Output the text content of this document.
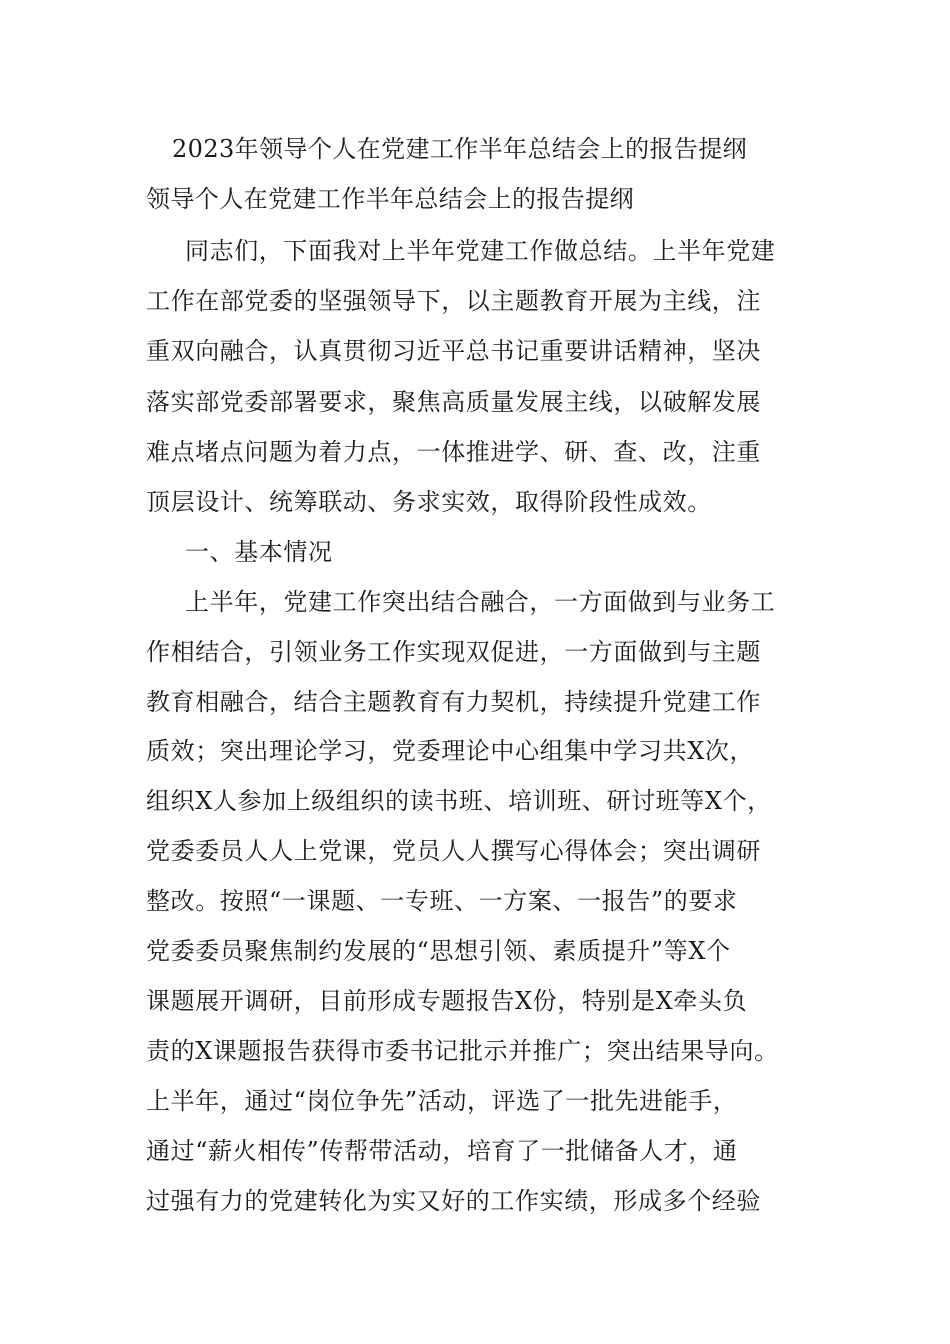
2023年领导个人在党建工作半年总结会上的报告提纲

领导个人在党建工作半年总结会上的报告提纲

同志们，下面我对上半年党建工作做总结。上半年党建

工作在部党委的坚强领导下，以主题教育开展为主线，注

重双向融合，认真贯彻习近平总书记重要讲话精神，坚决

落实部党委部署要求，聚焦高质量发展主线，以破解发展

难点堵点问题为着力点，一体推进学、研、查、改，注重

顶层设计、统筹联动、务求实效，取得阶段性成效。

一、基本情况

上半年，党建工作突出结合融合，一方面做到与业务工

作相结合，引领业务工作实现双促进，一方面做到与主题

教育相融合，结合主题教育有力契机，持续提升党建工作

质效；突出理论学习，党委理论中心组集中学习共X次，

组织X人参加上级组织的读书班、培训班、研讨班等X个，

党委委员人人上党课，党员人人撰写心得体会；突出调研

整改。按照“一课题、一专班、一方案、一报告”的要求

党委委员聚焦制约发展的“思想引领、素质提升”等X个

课题展开调研，目前形成专题报告X份，特别是X牵头负

责的X课题报告获得市委书记批示并推广；突出结果导向。

上半年，通过“岗位争先”活动，评选了一批先进能手，

通过“薪火相传”传帮带活动，培育了一批储备人才，通

过强有力的党建转化为实又好的工作实绩，形成多个经验
